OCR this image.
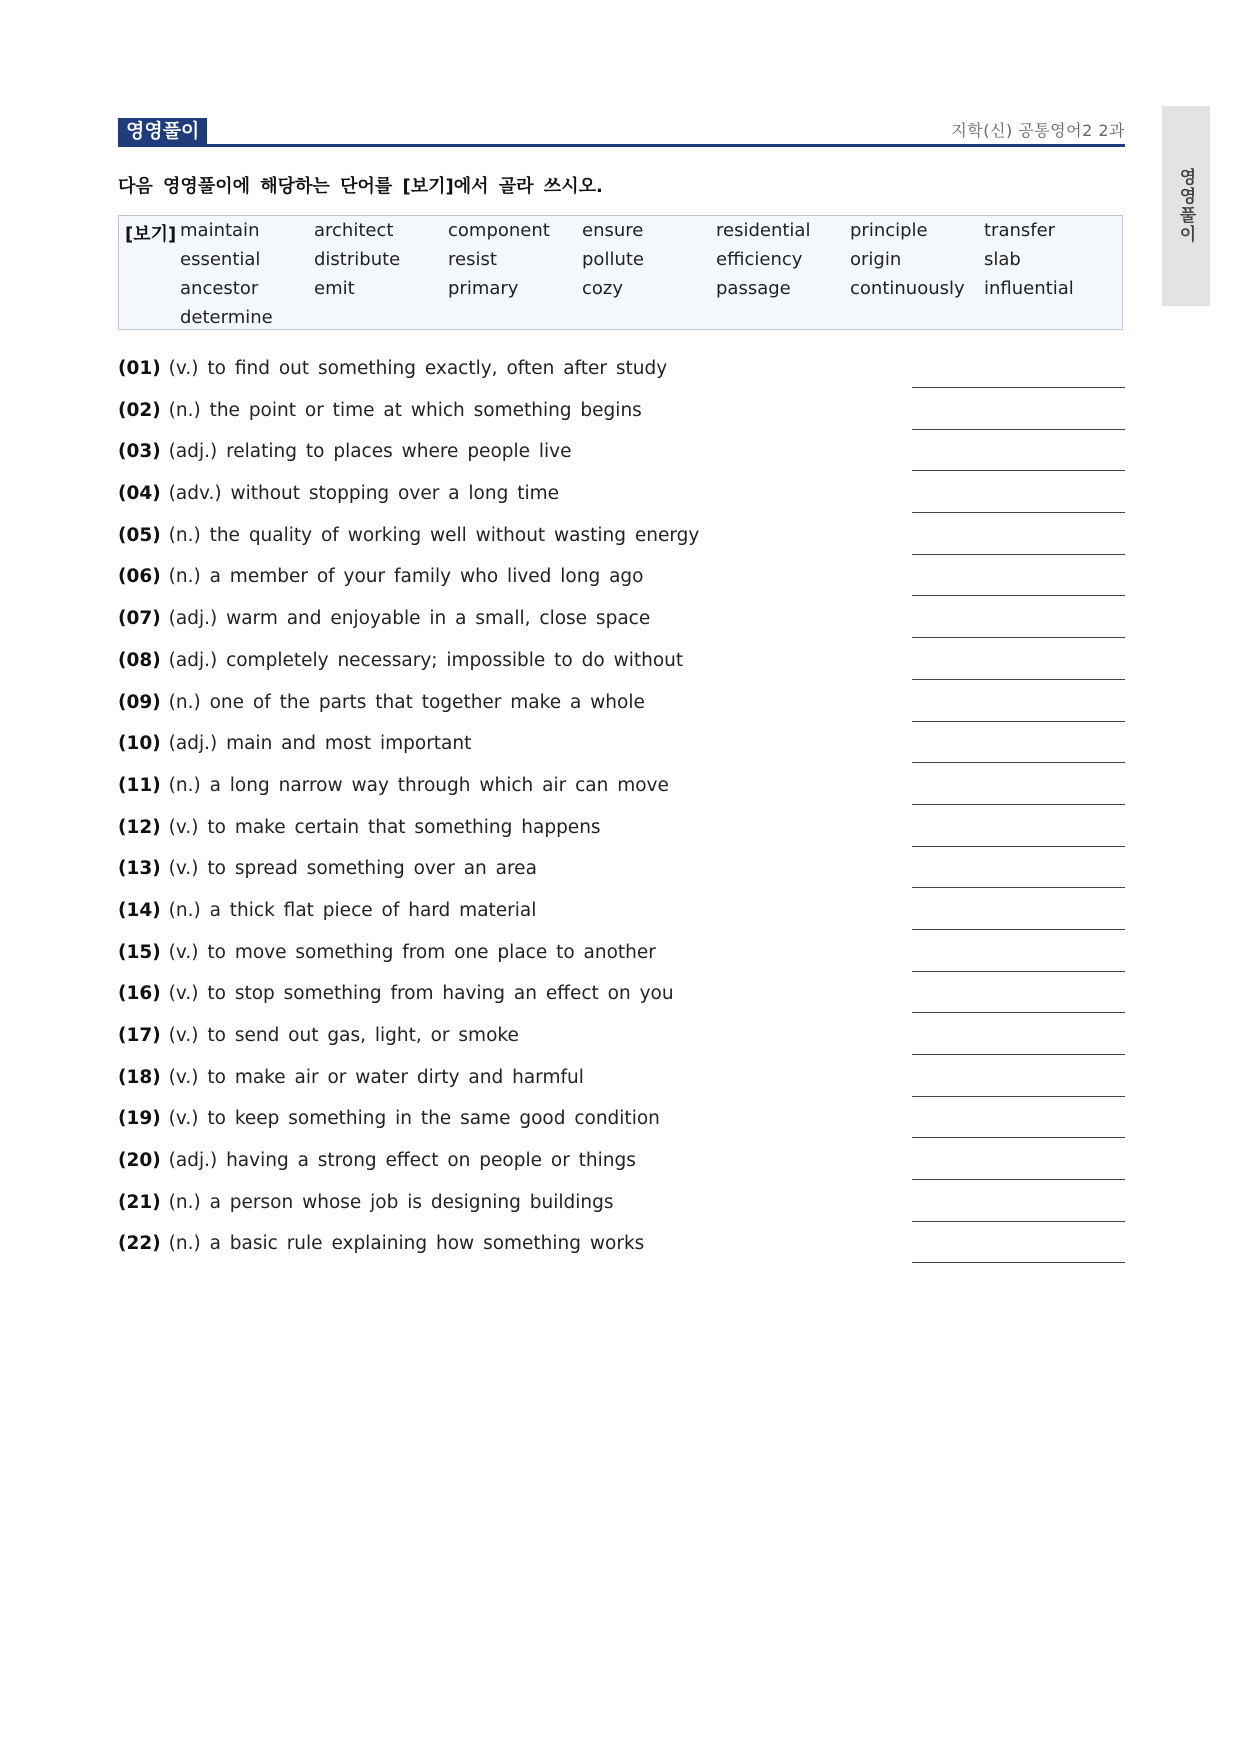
영영풀이	지학(신) 공통영어2 2과
영영풀이
다음 영영풀이에 해당하는 단어를 [보기]에서 골라 쓰시오.
[보기] maintain	architect	component	ensure	residential	principle	transfer
essential	distribute	resist	pollute	efficiency	origin	slab
ancestor	emit	primary	cozy	passage	continuously	influential
determine
(01) (v.) to find out something exactly, often after study
(02) (n.) the point or time at which something begins
(03) (adj.) relating to places where people live
(04) (adv.) without stopping over a long time
(05) (n.) the quality of working well without wasting energy
(06) (n.) a member of your family who lived long ago
(07) (adj.) warm and enjoyable in a small, close space
(08) (adj.) completely necessary; impossible to do without
(09) (n.) one of the parts that together make a whole
(10) (adj.) main and most important
(11) (n.) a long narrow way through which air can move
(12) (v.) to make certain that something happens
(13) (v.) to spread something over an area
(14) (n.) a thick flat piece of hard material
(15) (v.) to move something from one place to another
(16) (v.) to stop something from having an effect on you
(17) (v.) to send out gas, light, or smoke
(18) (v.) to make air or water dirty and harmful
(19) (v.) to keep something in the same good condition
(20) (adj.) having a strong effect on people or things
(21) (n.) a person whose job is designing buildings
(22) (n.) a basic rule explaining how something works
